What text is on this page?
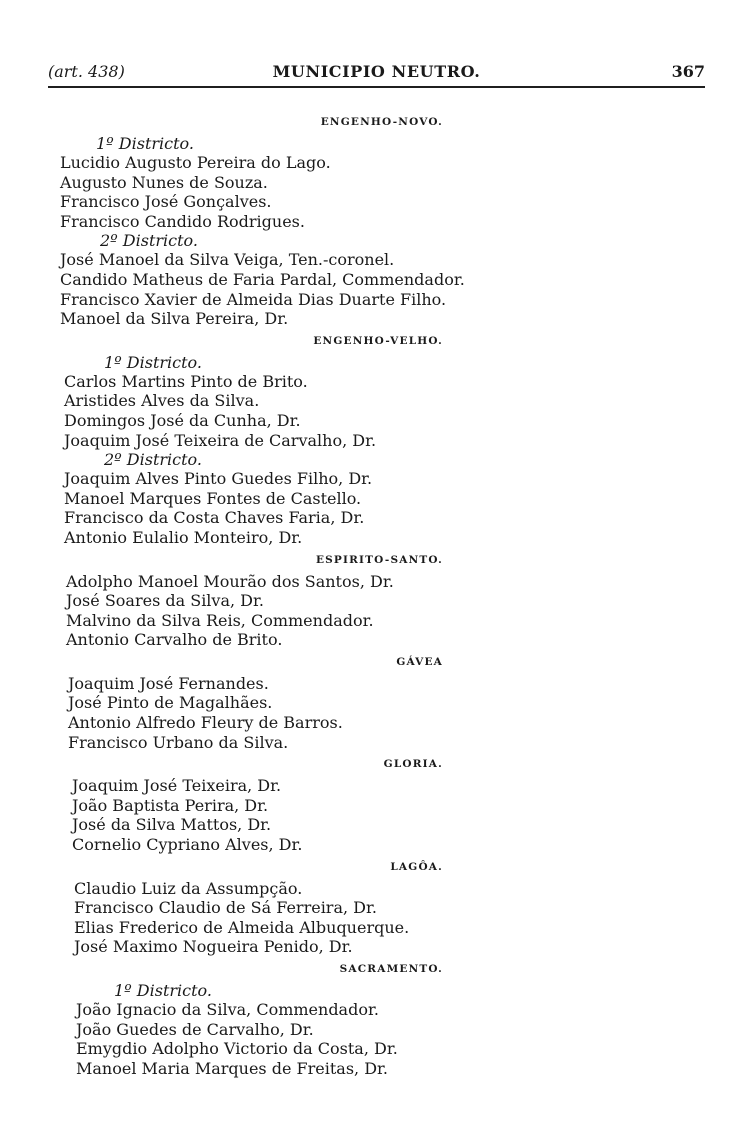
(art. 438)	MUNICIPIO NEUTRO.	367
ENGENHO-NOVO.
1º Districto.
Lucidio Augusto Pereira do Lago.
Augusto Nunes de Souza.
Francisco José Gonçalves.
Francisco Candido Rodrigues.
2º Districto.
José Manoel da Silva Veiga, Ten.-coronel.
Candido Matheus de Faria Pardal, Commendador.
Francisco Xavier de Almeida Dias Duarte Filho.
Manoel da Silva Pereira, Dr.
ENGENHO-VELHO.
1º Districto.
Carlos Martins Pinto de Brito.
Aristides Alves da Silva.
Domingos José da Cunha, Dr.
Joaquim José Teixeira de Carvalho, Dr.
2º Districto.
Joaquim Alves Pinto Guedes Filho, Dr.
Manoel Marques Fontes de Castello.
Francisco da Costa Chaves Faria, Dr.
Antonio Eulalio Monteiro, Dr.
ESPIRITO-SANTO.
Adolpho Manoel Mourão dos Santos, Dr.
José Soares da Silva, Dr.
Malvino da Silva Reis, Commendador.
Antonio Carvalho de Brito.
GÁVEA
Joaquim José Fernandes.
José Pinto de Magalhães.
Antonio Alfredo Fleury de Barros.
Francisco Urbano da Silva.
GLORIA.
Joaquim José Teixeira, Dr.
João Baptista Perira, Dr.
José da Silva Mattos, Dr.
Cornelio Cypriano Alves, Dr.
LAGÔA.
Claudio Luiz da Assumpção.
Francisco Claudio de Sá Ferreira, Dr.
Elias Frederico de Almeida Albuquerque.
José Maximo Nogueira Penido, Dr.
SACRAMENTO.
1º Districto.
João Ignacio da Silva, Commendador.
João Guedes de Carvalho, Dr.
Emygdio Adolpho Victorio da Costa, Dr.
Manoel Maria Marques de Freitas, Dr.
